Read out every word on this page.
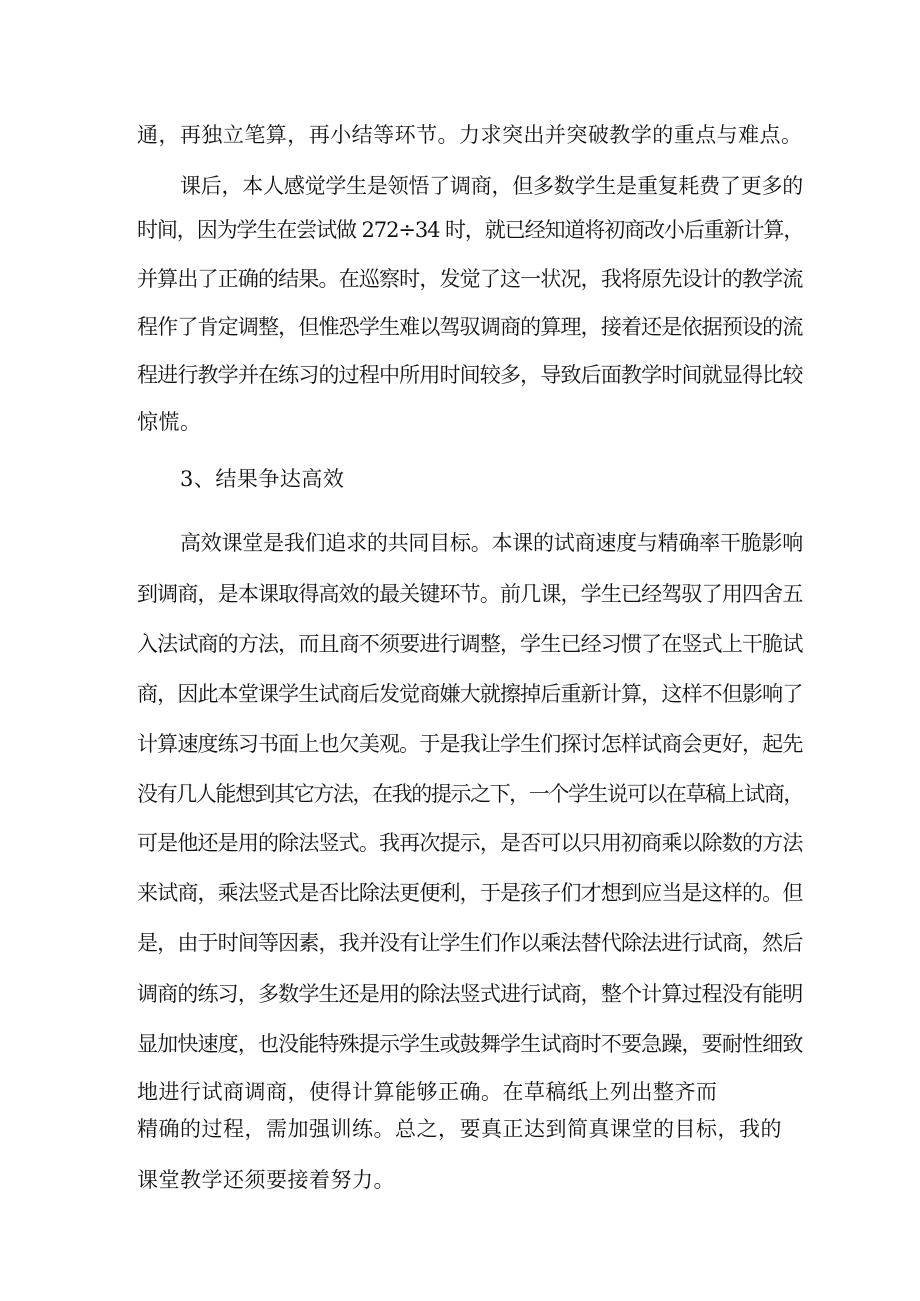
通，再独立笔算，再小结等环节。力求突出并突破教学的重点与难点。
课后，本人感觉学生是领悟了调商，但多数学生是重复耗费了更多的
时间，因为学生在尝试做 272÷34 时，就已经知道将初商改小后重新计算，
并算出了正确的结果。在巡察时，发觉了这一状况，我将原先设计的教学流
程作了肯定调整，但惟恐学生难以驾驭调商的算理，接着还是依据预设的流
程进行教学并在练习的过程中所用时间较多，导致后面教学时间就显得比较
惊慌。
3、结果争达高效
高效课堂是我们追求的共同目标。本课的试商速度与精确率干脆影响
到调商，是本课取得高效的最关键环节。前几课，学生已经驾驭了用四舍五
入法试商的方法，而且商不须要进行调整，学生已经习惯了在竖式上干脆试
商，因此本堂课学生试商后发觉商嫌大就擦掉后重新计算，这样不但影响了
计算速度练习书面上也欠美观。于是我让学生们探讨怎样试商会更好，起先
没有几人能想到其它方法，在我的提示之下，一个学生说可以在草稿上试商，
可是他还是用的除法竖式。我再次提示，是否可以只用初商乘以除数的方法
来试商，乘法竖式是否比除法更便利，于是孩子们才想到应当是这样的。但
是，由于时间等因素，我并没有让学生们作以乘法替代除法进行试商，然后
调商的练习，多数学生还是用的除法竖式进行试商，整个计算过程没有能明
显加快速度，也没能特殊提示学生或鼓舞学生试商时不要急躁，要耐性细致
地进行试商调商，使得计算能够正确。在草稿纸上列出整齐而
精确的过程，需加强训练。总之，要真正达到简真课堂的目标，我的
课堂教学还须要接着努力。
